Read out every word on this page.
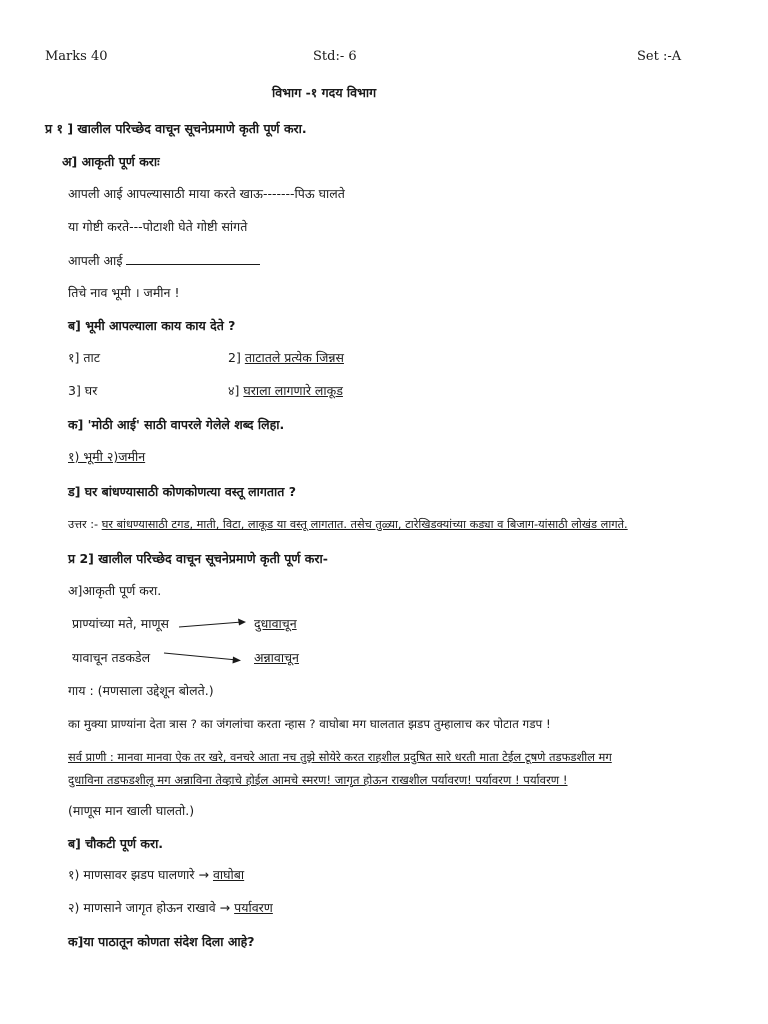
Marks 40	Std:- 6	Set :-A
विभाग -१ गदय विभाग
प्र १ ] खालील परिच्छेद वाचून सूचनेप्रमाणे कृती पूर्ण करा.
अ] आकृती पूर्ण कराः
आपली आई आपल्यासाठी माया करते खाऊ-------पिऊ घालते
या गोष्टी करते---पोटाशी घेते गोष्टी सांगते
आपली आई
तिचे नाव भूमी । जमीन !
ब] भूमी आपल्याला काय काय देते ?
१] ताट	2] ताटातले प्रत्येक जिन्नस
3] घर	४] घराला लागणारे लाकूड
क] 'मोठी आई' साठी वापरले गेलेले शब्द लिहा.
१) भूमी २)जमीन
ड] घर बांधण्यासाठी कोणकोणत्या वस्तू लागतात ?
उत्तर :- घर बांधण्यासाठी टगड, माती, विटा, लाकूड या वस्तू लागतात. तसेच तुळ्या, टारेखिडक्यांच्या कड्या व बिजाग-यांसाठी लोखंड लागते.
प्र 2] खालील परिच्छेद वाचून सूचनेप्रमाणे कृती पूर्ण करा-
अ]आकृती पूर्ण करा.
प्राण्यांच्या मते, माणूस	दुधावाचून
यावाचून तडकडेल	अन्नावाचून
गाय : (मणसाला उद्देशून बोलते.)
का मुक्या प्राण्यांना देता त्रास ? का जंगलांचा करता न्हास ? वाघोबा मग घालतात झडप तुम्हालाच कर पोटात गडप !
सर्व प्राणी : मानवा मानवा ऐक तर खरे, वनचरे आता नच तुझे सोयेरे करत राहशील प्रदुषित सारे धरती माता टेईल टूषणे तडफडशील मग
दुधाविना तडफडशीलू मग अन्नाविना तेव्हाचे होईल आमचे स्मरण! जागृत होऊन राखशील पर्यावरण! पर्यावरण ! पर्यावरण !
(माणूस मान खाली घालतो.)
ब] चौकटी पूर्ण करा.
१) माणसावर झडप घालणारे → वाघोबा
२) माणसाने जागृत होऊन राखावे → पर्यावरण
क]या पाठातून कोणता संदेश दिला आहे?
